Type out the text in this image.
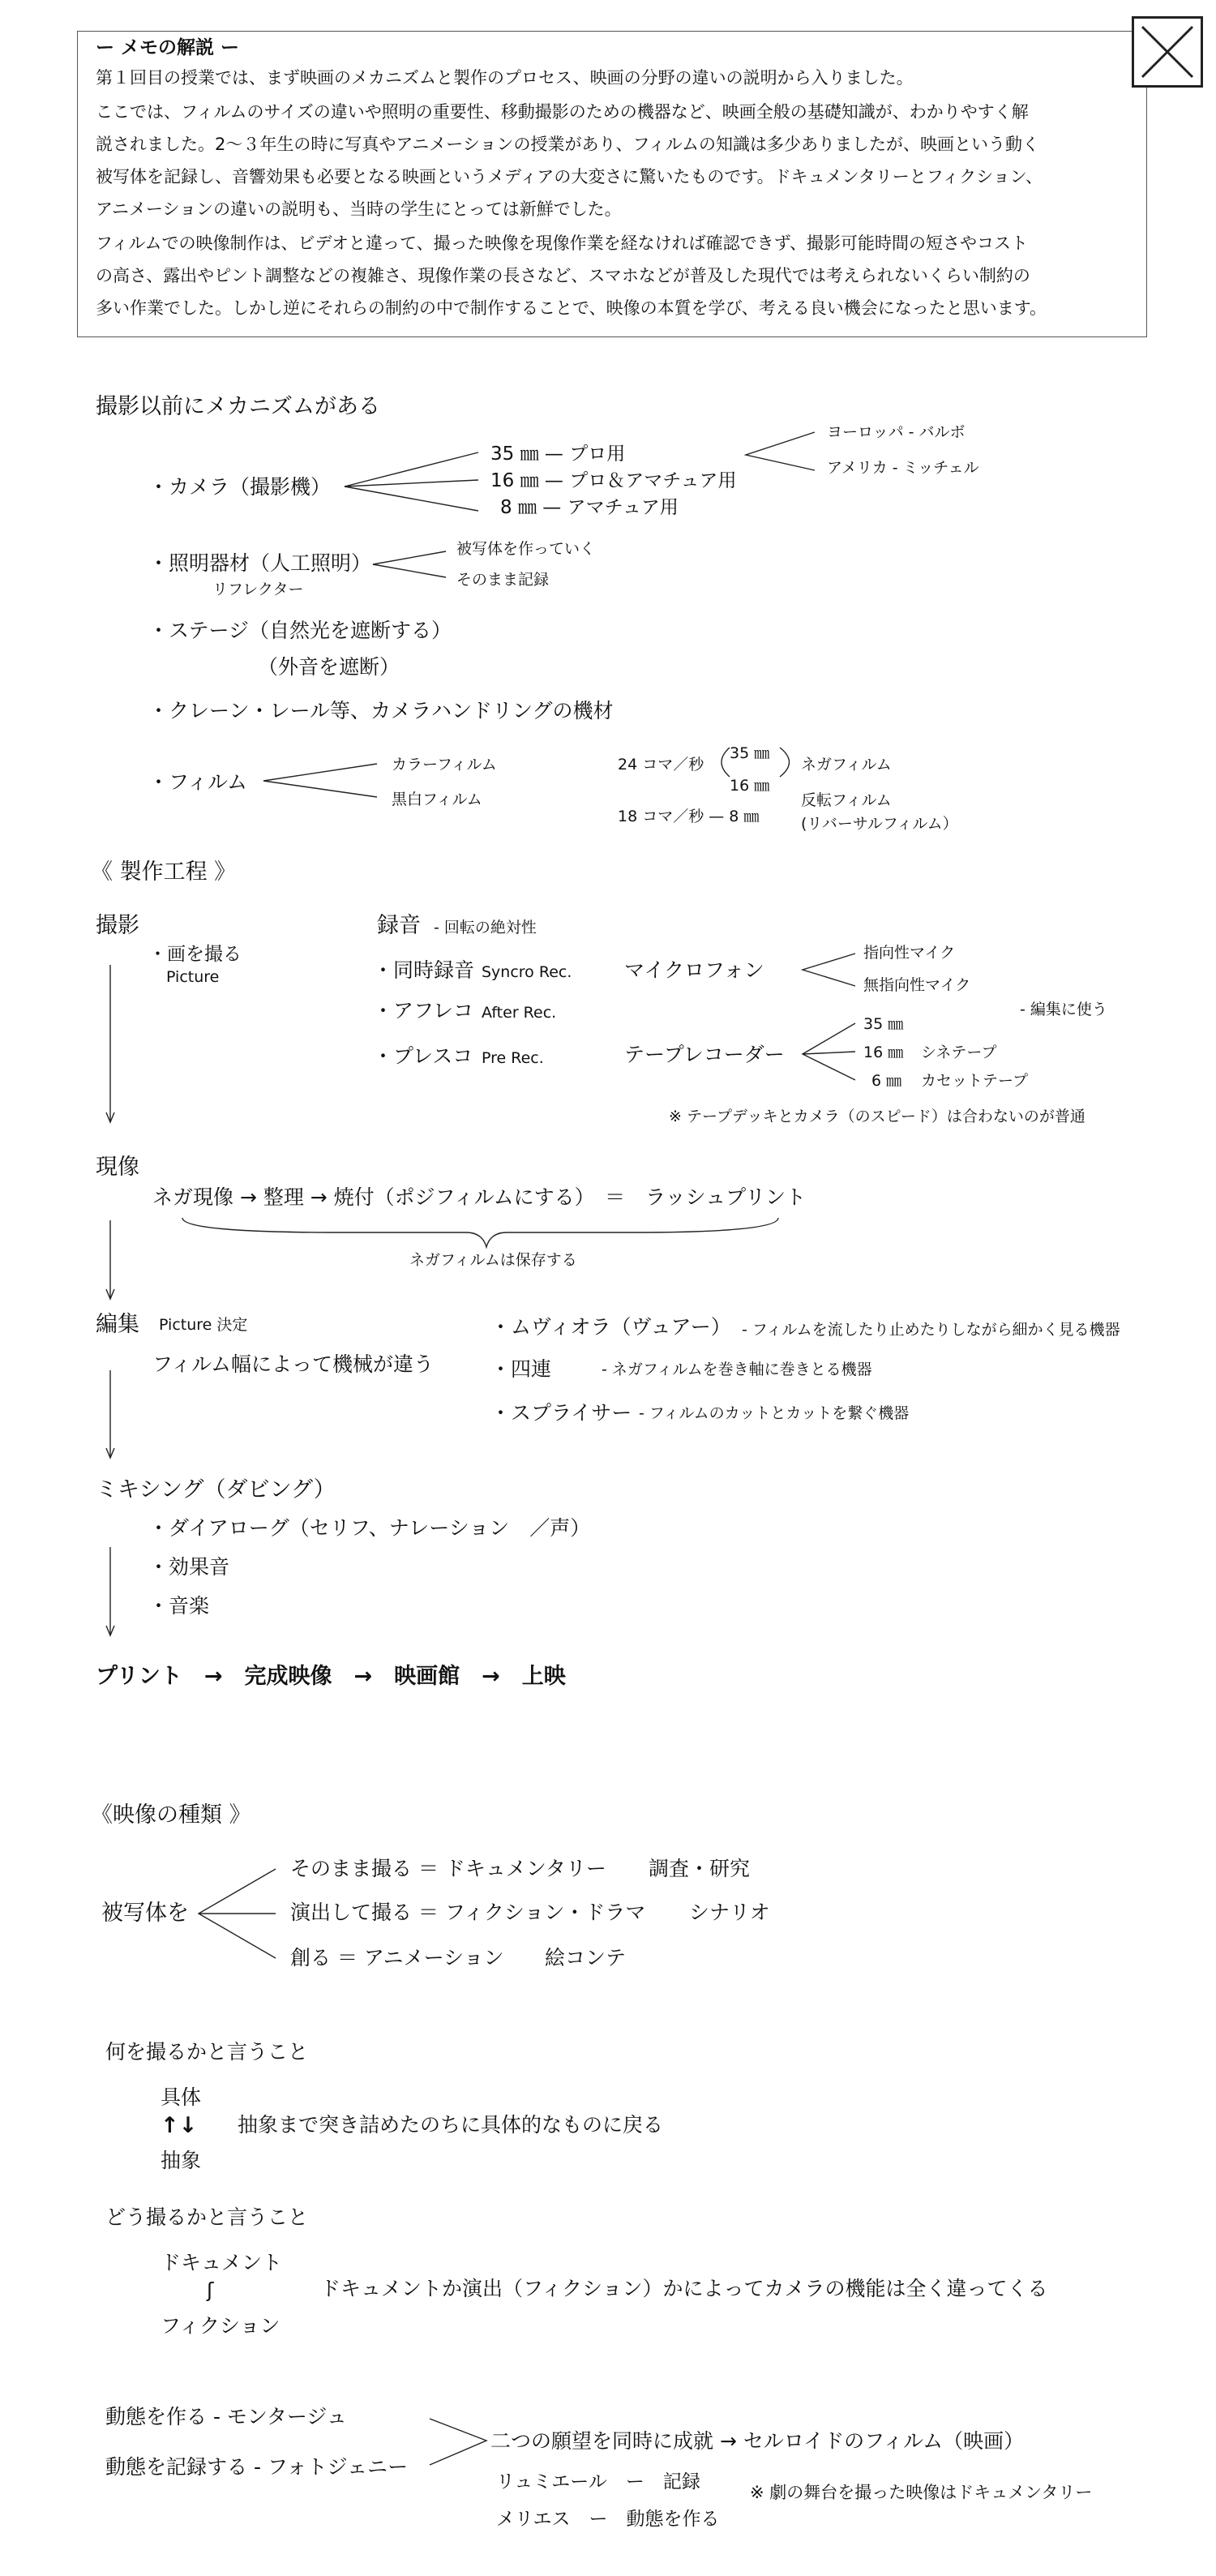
ー メモの解説 ー
第１回目の授業では、まず映画のメカニズムと製作のプロセス、映画の分野の違いの説明から入りました。
ここでは、フィルムのサイズの違いや照明の重要性、移動撮影のための機器など、映画全般の基礎知識が、わかりやすく解
説されました。2〜３年生の時に写真やアニメーションの授業があり、フィルムの知識は多少ありましたが、映画という動く
被写体を記録し、音響効果も必要となる映画というメディアの大変さに驚いたものです。ドキュメンタリーとフィクション、
アニメーションの違いの説明も、当時の学生にとっては新鮮でした。
フィルムでの映像制作は、ビデオと違って、撮った映像を現像作業を経なければ確認できず、撮影可能時間の短さやコスト
の高さ、露出やピント調整などの複雑さ、現像作業の長さなど、スマホなどが普及した現代では考えられないくらい制約の
多い作業でした。しかし逆にそれらの制約の中で制作することで、映像の本質を学び、考える良い機会になったと思います。
撮影以前にメカニズムがある
・カメラ（撮影機）
35 ㎜ — プロ用
16 ㎜ — プロ＆アマチュア用
8 ㎜ — アマチュア用
ヨーロッパ - バルボ
アメリカ - ミッチェル
・照明器材（人工照明）
リフレクター
被写体を作っていく
そのまま記録
・ステージ（自然光を遮断する）
（外音を遮断）
・クレーン・レール等、カメラハンドリングの機材
・フィルム
カラーフィルム
黒白フィルム
24 コマ／秒
35 ㎜
16 ㎜
18 コマ／秒 — 8 ㎜
ネガフィルム
反転フィルム
(リバーサルフィルム）
《 製作工程 》
撮影
・画を撮る
Picture
録音 - 回転の絶対性
・同時録音 Syncro Rec.
・アフレコ After Rec.
・プレスコ Pre Rec.
マイクロフォン
指向性マイク
無指向性マイク
- 編集に使う
テープレコーダー
35 ㎜
16 ㎜ シネテープ
6 ㎜ カセットテープ
※ テープデッキとカメラ（のスピード）は合わないのが普通
現像
ネガ現像 → 整理 → 焼付（ポジフィルムにする）　＝　ラッシュプリント
ネガフィルムは保存する
編集 Picture 決定
フィルム幅によって機械が違う
・ムヴィオラ（ヴュアー） - フィルムを流したり止めたりしながら細かく見る機器
・四連	- ネガフィルムを巻き軸に巻きとる機器
・スプライサー - フィルムのカットとカットを繋ぐ機器
ミキシング（ダビング）
・ダイアローグ（セリフ、ナレーション　／声）
・効果音
・音楽
プリント　→　完成映像　→　映画館　→　上映
《映像の種類 》
被写体を
そのまま撮る ＝ ドキュメンタリー 調査・研究
演出して撮る ＝ フィクション・ドラマ シナリオ
創る ＝ アニメーション 絵コンテ
何を撮るかと言うこと
具体
↑↓
抽象
抽象まで突き詰めたのちに具体的なものに戻る
どう撮るかと言うこと
ドキュメント
ʃ
フィクション
ドキュメントか演出（フィクション）かによってカメラの機能は全く違ってくる
動態を作る - モンタージュ
動態を記録する - フォトジェニー
二つの願望を同時に成就 → セルロイドのフィルム（映画）
リュミエール　ー　記録
メリエス　ー　動態を作る
※ 劇の舞台を撮った映像はドキュメンタリー
